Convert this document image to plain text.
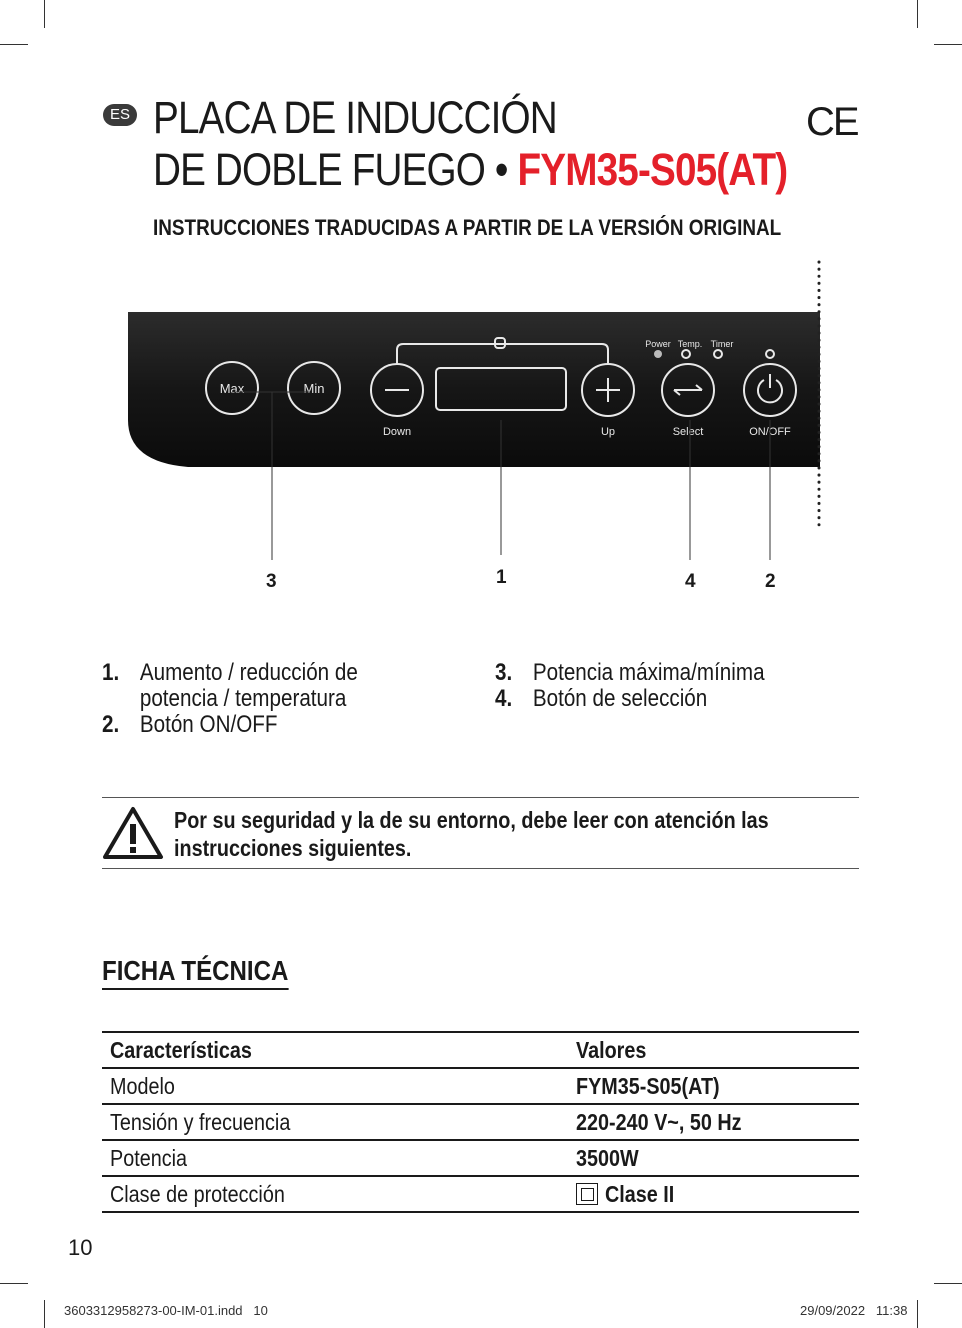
ES PLACA DE INDUCCIÓN
DE DOBLE FUEGO • FYM35-S05(AT)
CE
INSTRUCCIONES TRADUCIDAS A PARTIR DE LA VERSIÓN ORIGINAL
Max	Min
Down	Up	Select	ON/OFF
Power Temp. Timer
3	1	4	2
1. Aumento / reducción de
potencia / temperatura
2. Botón ON/OFF
3. Potencia máxima/mínima
4. Botón de selección
Por su seguridad y la de su entorno, debe leer con atención las
instrucciones siguientes.
FICHA TÉCNICA
Características	Valores
Modelo	FYM35-S05(AT)
Tensión y frecuencia	220-240 V~, 50 Hz
Potencia	3500W
Clase de protección	Clase II
10
3603312958273-00-IM-01.indd   10	29/09/2022   11:38
